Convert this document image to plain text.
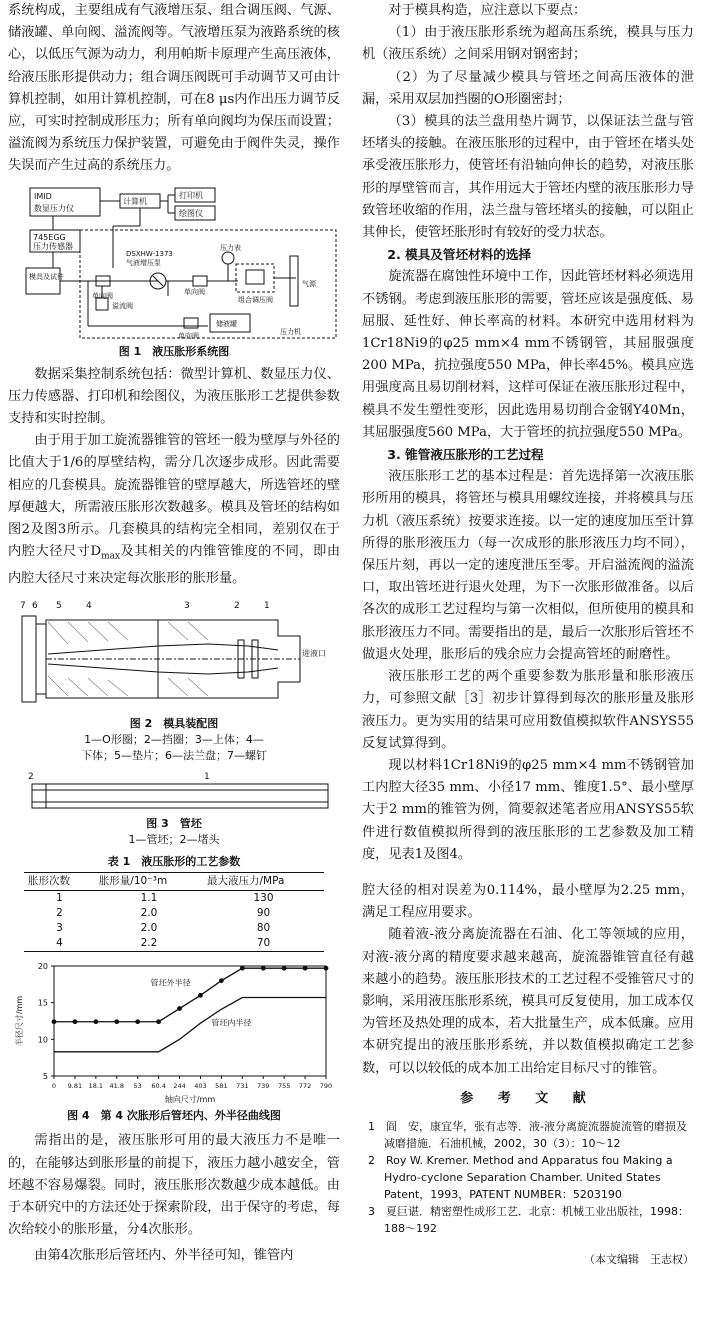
系统构成，主要组成有气液增压泵、组合调压阀、气源、储液罐、单向阀、溢流阀等。气液增压泵为液路系统的核心，以低压气源为动力，利用帕斯卡原理产生高压液体，给液压胀形提供动力；组合调压阀既可手动调节又可由计算机控制，如用计算机控制，可在8 μs内作出压力调节反应，可实时控制成形压力；所有单向阀均为保压而设置；溢流阀为系统压力保护装置，可避免由于阀件失灵，操作失误而产生过高的系统压力。

IMID
数显压力仪
计算机
打印机
绘图仪
745EGG
压力传感器
模具及试件
DSXHW-1373
气液增压泵
压力表
单向阀	单向阀
溢流阀
组合调压阀
储液罐
单向阀
气源
压力机
图 1　液压胀形系统图

数据采集控制系统包括：微型计算机、数显压力仪、压力传感器、打印机和绘图仪，为液压胀形工艺提供参数支持和实时控制。

由于用于加工旋流器锥管的管坯一般为壁厚与外径的比值大于1/6的厚壁结构，需分几次逐步成形。因此需要相应的几套模具。旋流器锥管的壁厚越大，所选管坯的壁厚便越大，所需液压胀形次数越多。模具及管坯的结构如图2及图3所示。几套模具的结构完全相同，差别仅在于内腔大径尺寸$D_{max}$及其相关的内锥管锥度的不同，即由内腔大径尺寸来决定每次胀形的胀形量。

7 6 5	4	3	2	1
进液口
图 2　模具装配图
1—O形圈；2—挡圈；3—上体；4—
下体；5—垫片；6—法兰盘；7—螺钉
2	1
图 3　管坯
1—管坯；2—堵头
表 1　液压胀形的工艺参数
胀形次数	胀形量/10⁻³m	最大液压力/MPa
1	1.1	130
2	2.0	90
3	2.0	80
4	2.2	70
5
10
15
20
0 9.81 18.1 41.8 53 60.4 244 403 581 731 739 755 772 790
轴向尺寸/mm
半径尺寸/mm
管坯外半径
管坯内半径
图 4　第 4 次胀形后管坯内、外半径曲线图

需指出的是，液压胀形可用的最大液压力不是唯一的，在能够达到胀形量的前提下，液压力越小越安全，管坯越不容易爆裂。同时，液压胀形次数越少成本越低。由于本研究中的方法还处于探索阶段，出于保守的考虑，每次给较小的胀形量，分4次胀形。

由第4次胀形后管坯内、外半径可知，锥管内

对于模具构造，应注意以下要点：

（1）由于液压胀形系统为超高压系统，模具与压力机（液压系统）之间采用钢对钢密封；

（2）为了尽量减少模具与管坯之间高压液体的泄漏，采用双层加挡圈的O形圈密封；

（3）模具的法兰盘用垫片调节，以保证法兰盘与管坯堵头的接触。在液压胀形的过程中，由于管坯在堵头处承受液压胀形力，使管坯有沿轴向伸长的趋势，对液压胀形的厚壁管而言，其作用远大于管坯内壁的液压胀形力导致管坯收缩的作用，法兰盘与管坯堵头的接触，可以阻止其伸长，使管坯胀形时有较好的受力状态。

2. 模具及管坯材料的选择

旋流器在腐蚀性环境中工作，因此管坯材料必须选用不锈钢。考虑到液压胀形的需要，管坯应该是强度低、易屈服、延性好、伸长率高的材料。本研究中选用材料为1Cr18Ni9的φ25 mm×4 mm不锈钢管，其屈服强度200 MPa，抗拉强度550 MPa，伸长率45%。模具应选用强度高且易切削材料，这样可保证在液压胀形过程中，模具不发生塑性变形，因此选用易切削合金钢Y40Mn，其屈服强度560 MPa，大于管坯的抗拉强度550 MPa。

3. 锥管液压胀形的工艺过程

液压胀形工艺的基本过程是：首先选择第一次液压胀形所用的模具，将管坯与模具用螺纹连接，并将模具与压力机（液压系统）按要求连接。以一定的速度加压至计算所得的胀形液压力（每一次成形的胀形液压力均不同），保压片刻，再以一定的速度泄压至零。开启溢流阀的溢流口，取出管坯进行退火处理，为下一次胀形做准备。以后各次的成形工艺过程均与第一次相似，但所使用的模具和胀形液压力不同。需要指出的是，最后一次胀形后管坯不做退火处理，胀形后的残余应力会提高管坯的耐磨性。

液压胀形工艺的两个重要参数为胀形量和胀形液压力，可参照文献［3］初步计算得到每次的胀形量及胀形液压力。更为实用的结果可应用数值模拟软件ANSYS55反复试算得到。

现以材料1Cr18Ni9的φ25 mm×4 mm不锈钢管加工内腔大径35 mm、小径17 mm、锥度1.5°、最小壁厚大于2 mm的锥管为例，简要叙述笔者应用ANSYS55软件进行数值模拟所得到的液压胀形的工艺参数及加工精度，见表1及图4。

腔大径的相对误差为0.114%，最小壁厚为2.25 mm，满足工程应用要求。

随着液-液分离旋流器在石油、化工等领域的应用，对液-液分离的精度要求越来越高，旋流器锥管直径有越来越小的趋势。液压胀形技术的工艺过程不受锥管尺寸的影响，采用液压胀形系统，模具可反复使用，加工成本仅为管坯及热处理的成本，若大批量生产，成本低廉。应用本研究提出的液压胀形系统，并以数值模拟确定工艺参数，可以以较低的成本加工出给定目标尺寸的锥管。

参 考 文 献
1　阎　安，康宜华，张有志等．液-液分离旋流器旋流管的磨损及减磨措施．石油机械，2002，30（3）：10～12
2　Roy W. Kremer. Method and Apparatus fou Making a Hydro-cyclone Separation Chamber. United States Patent，1993，PATENT NUMBER：5203190
3　夏巨谌．精密塑性成形工艺．北京：机械工业出版社，1998：188～192
（本文编辑　王志权）
